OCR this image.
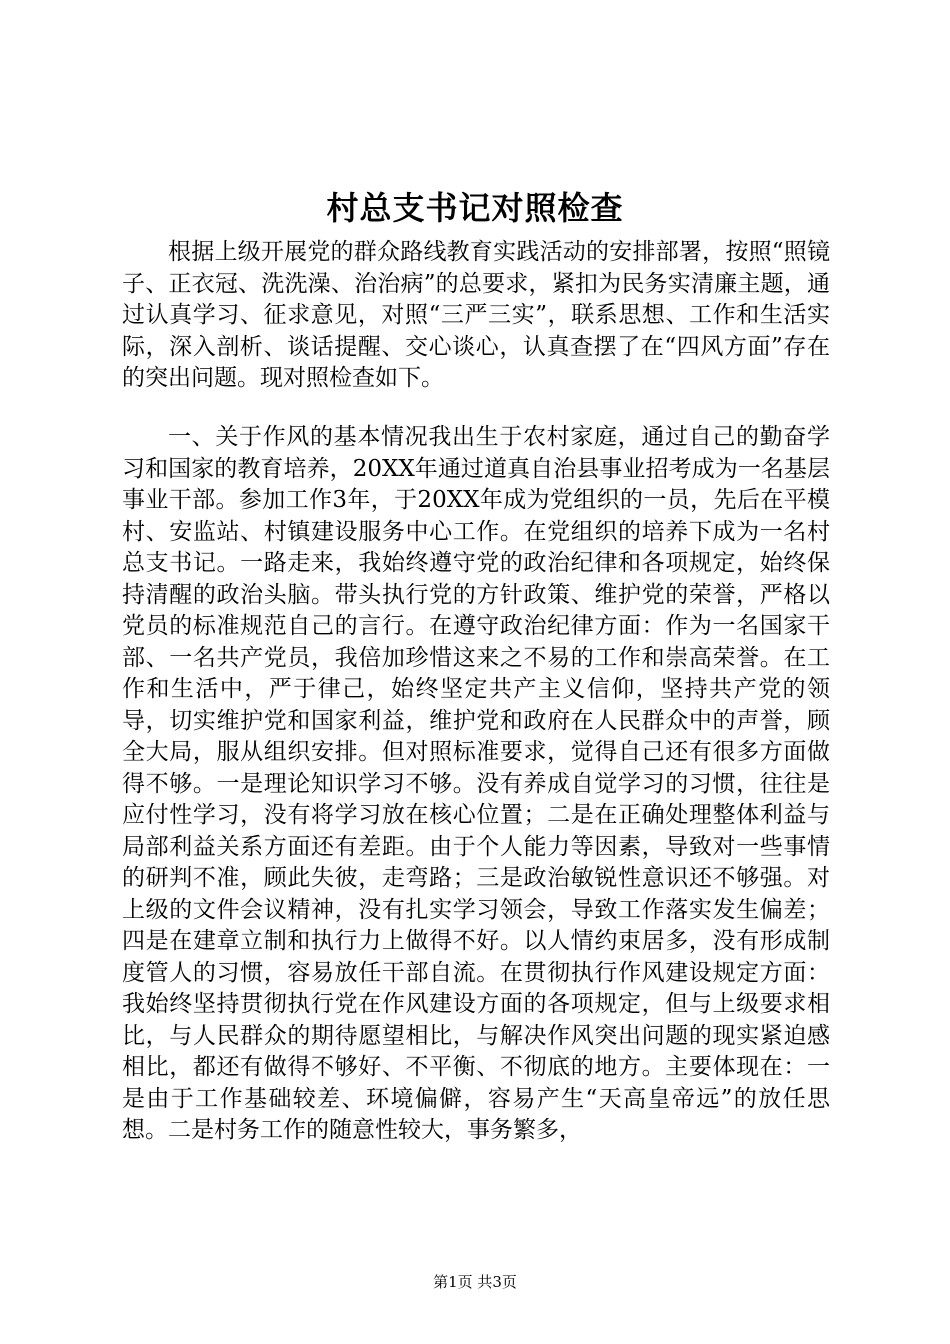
村总支书记对照检查

根据上级开展党的群众路线教育实践活动的安排部署，按照“照镜子、正衣冠、洗洗澡、治治病”的总要求，紧扣为民务实清廉主题，通过认真学习、征求意见，对照“三严三实”，联系思想、工作和生活实际，深入剖析、谈话提醒、交心谈心，认真查摆了在“四风方面”存在的突出问题。现对照检查如下。

一、关于作风的基本情况我出生于农村家庭，通过自己的勤奋学习和国家的教育培养，20XX年通过道真自治县事业招考成为一名基层事业干部。参加工作3年，于20XX年成为党组织的一员，先后在平模村、安监站、村镇建设服务中心工作。在党组织的培养下成为一名村总支书记。一路走来，我始终遵守党的政治纪律和各项规定，始终保持清醒的政治头脑。带头执行党的方针政策、维护党的荣誉，严格以党员的标准规范自己的言行。在遵守政治纪律方面：作为一名国家干部、一名共产党员，我倍加珍惜这来之不易的工作和崇高荣誉。在工作和生活中，严于律己，始终坚定共产主义信仰，坚持共产党的领导，切实维护党和国家利益，维护党和政府在人民群众中的声誉，顾全大局，服从组织安排。但对照标准要求，觉得自己还有很多方面做得不够。一是理论知识学习不够。没有养成自觉学习的习惯，往往是应付性学习，没有将学习放在核心位置；二是在正确处理整体利益与局部利益关系方面还有差距。由于个人能力等因素，导致对一些事情的研判不准，顾此失彼，走弯路；三是政治敏锐性意识还不够强。对上级的文件会议精神，没有扎实学习领会，导致工作落实发生偏差；四是在建章立制和执行力上做得不好。以人情约束居多，没有形成制度管人的习惯，容易放任干部自流。在贯彻执行作风建设规定方面：我始终坚持贯彻执行党在作风建设方面的各项规定，但与上级要求相比，与人民群众的期待愿望相比，与解决作风突出问题的现实紧迫感相比，都还有做得不够好、不平衡、不彻底的地方。主要体现在：一是由于工作基础较差、环境偏僻，容易产生“天高皇帝远”的放任思想。二是村务工作的随意性较大，事务繁多，

第1页 共3页
